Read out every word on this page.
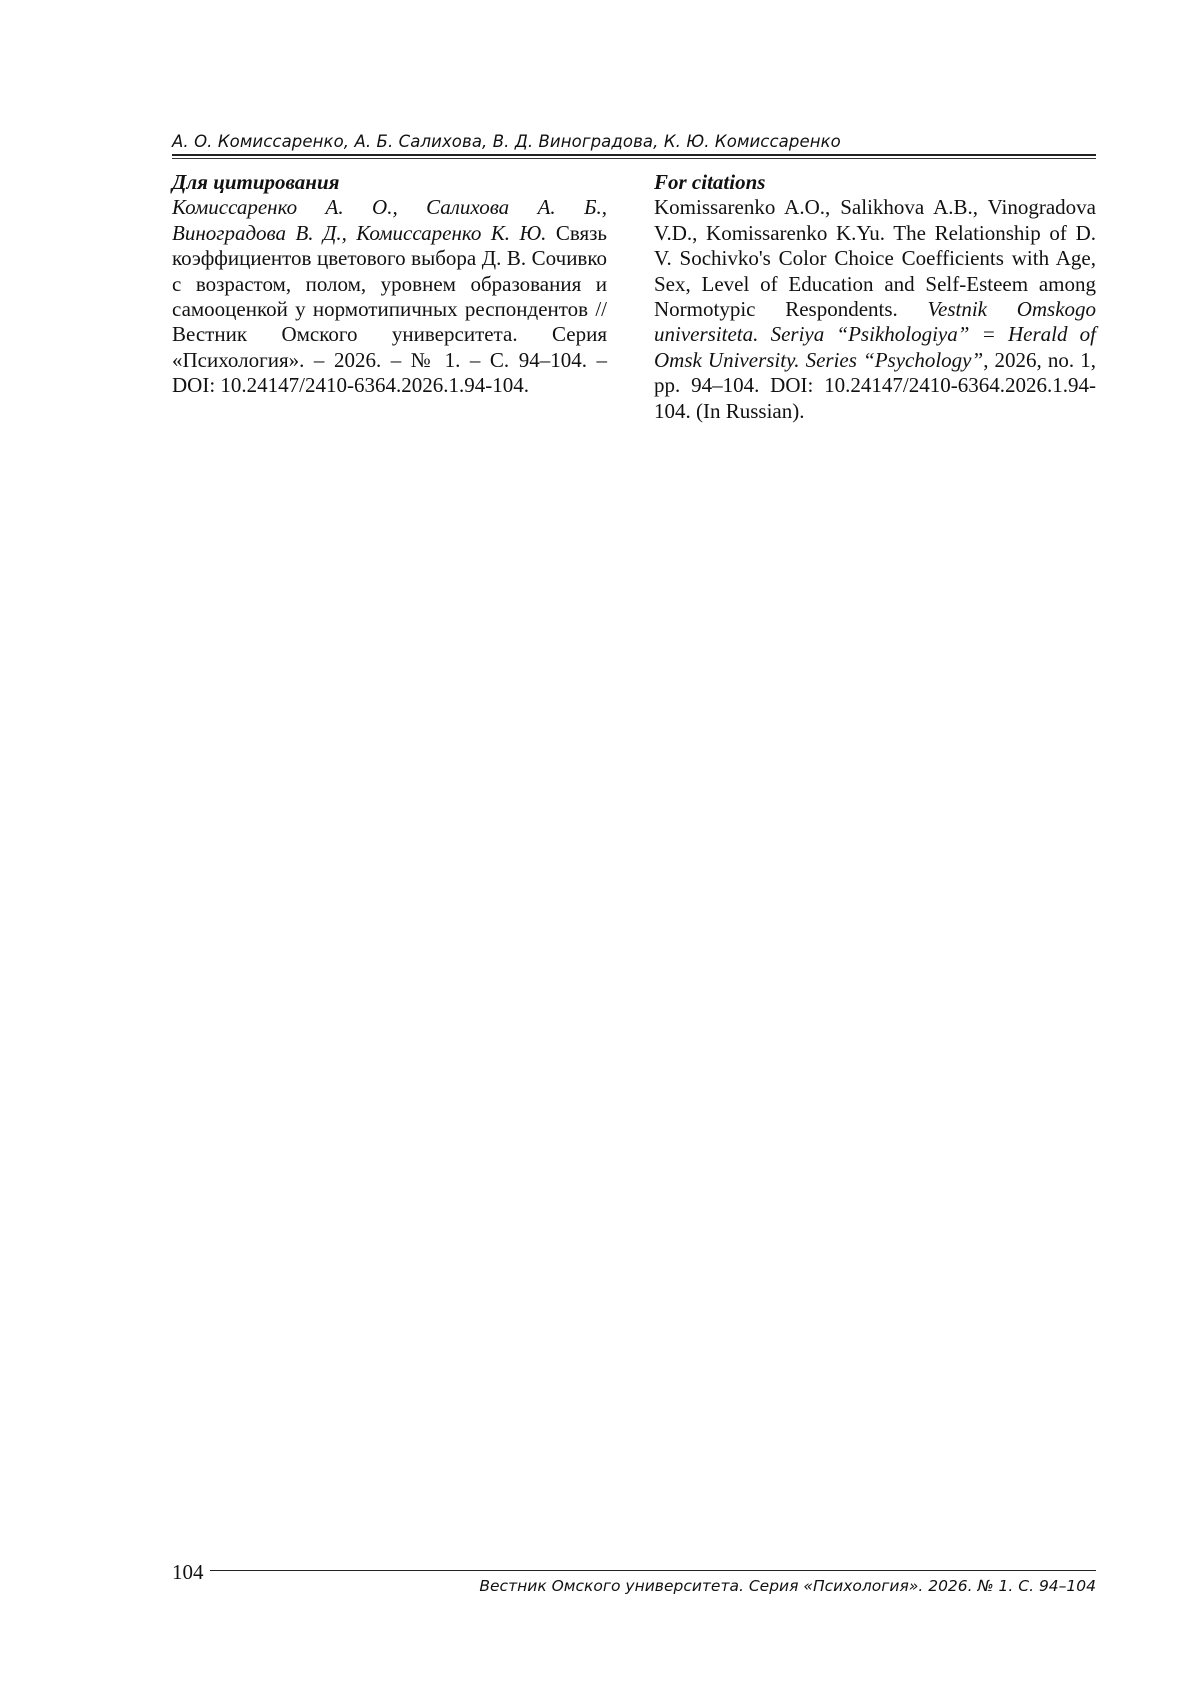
А. О. Комиссаренко, А. Б. Салихова, В. Д. Виноградова, К. Ю. Комиссаренко
Для цитирования
Комиссаренко А. О., Салихова А. Б., Виноградова В. Д., Комиссаренко К. Ю. Связь коэффициентов цветового выбора Д. В. Сочивко с возрастом, полом, уровнем образования и самооценкой у нормотипичных респондентов // Вестник Омского университета. Серия «Психология». – 2026. – № 1. – С. 94–104. – DOI: 10.24147/2410-6364.2026.1.94-104.
For citations
Komissarenko A.O., Salikhova A.B., Vinogradova V.D., Komissarenko K.Yu. The Relationship of D. V. Sochivko's Color Choice Coefficients with Age, Sex, Level of Education and Self-Esteem among Normotypic Respondents. Vestnik Omskogo universiteta. Seriya “Psikhologiya” = Herald of Omsk University. Series “Psychology”, 2026, no. 1, pp. 94–104. DOI: 10.24147/2410-6364.2026.1.94-104. (In Russian).
104
Вестник Омского университета. Серия «Психология». 2026. № 1. С. 94–104
